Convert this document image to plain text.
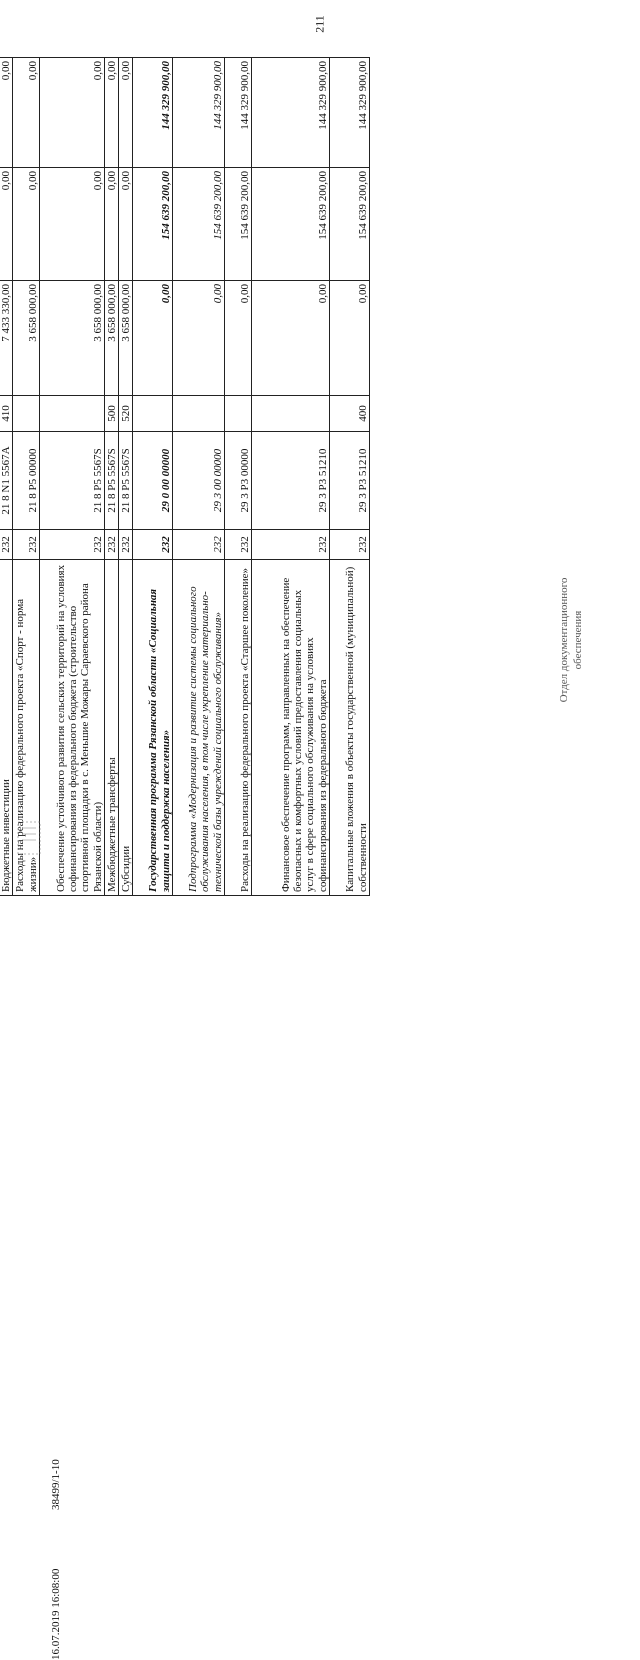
211

Бюджетные инвестиции	232	21 8 N1 5567A	410	7 433 330,00	0,00	0,00
Расходы на реализацию федерального проекта «Спорт - норма жизни»	232	21 8 P5 00000		3 658 000,00	0,00	0,00
Обеспечение устойчивого развития сельских территорий на условиях софинансирования из федерального бюджета (строительство спортивной площадки в с. Меньшие Можары Сараевского района Рязанской области)	232	21 8 P5 5567S		3 658 000,00	0,00	0,00
Межбюджетные трансферты	232	21 8 P5 5567S	500	3 658 000,00	0,00	0,00
Субсидии	232	21 8 P5 5567S	520	3 658 000,00	0,00	0,00
Государственная программа Рязанской области «Социальная защита и поддержка населения»	232	29 0 00 00000		0,00	154 639 200,00	144 329 900,00
Подпрограмма «Модернизация и развитие системы социального обслуживания населения, в том числе укрепление материально-технической базы учреждений социального обслуживания»	232	29 3 00 00000		0,00	154 639 200,00	144 329 900,00
Расходы на реализацию федерального проекта «Старшее поколение»	232	29 3 P3 00000		0,00	154 639 200,00	144 329 900,00
Финансовое обеспечение программ, направленных на обеспечение безопасных и комфортных условий предоставления социальных услуг в сфере социального обслуживания на условиях софинансирования из федерального бюджета	232	29 3 P3 51210		0,00	154 639 200,00	144 329 900,00
Капитальные вложения в объекты государственной (муниципальной) собственности	232	29 3 P3 51210	400	0,00	154 639 200,00	144 329 900,00
16.07.2019 16:08:00
38499/1-10
Отдел документационного обеспечения
